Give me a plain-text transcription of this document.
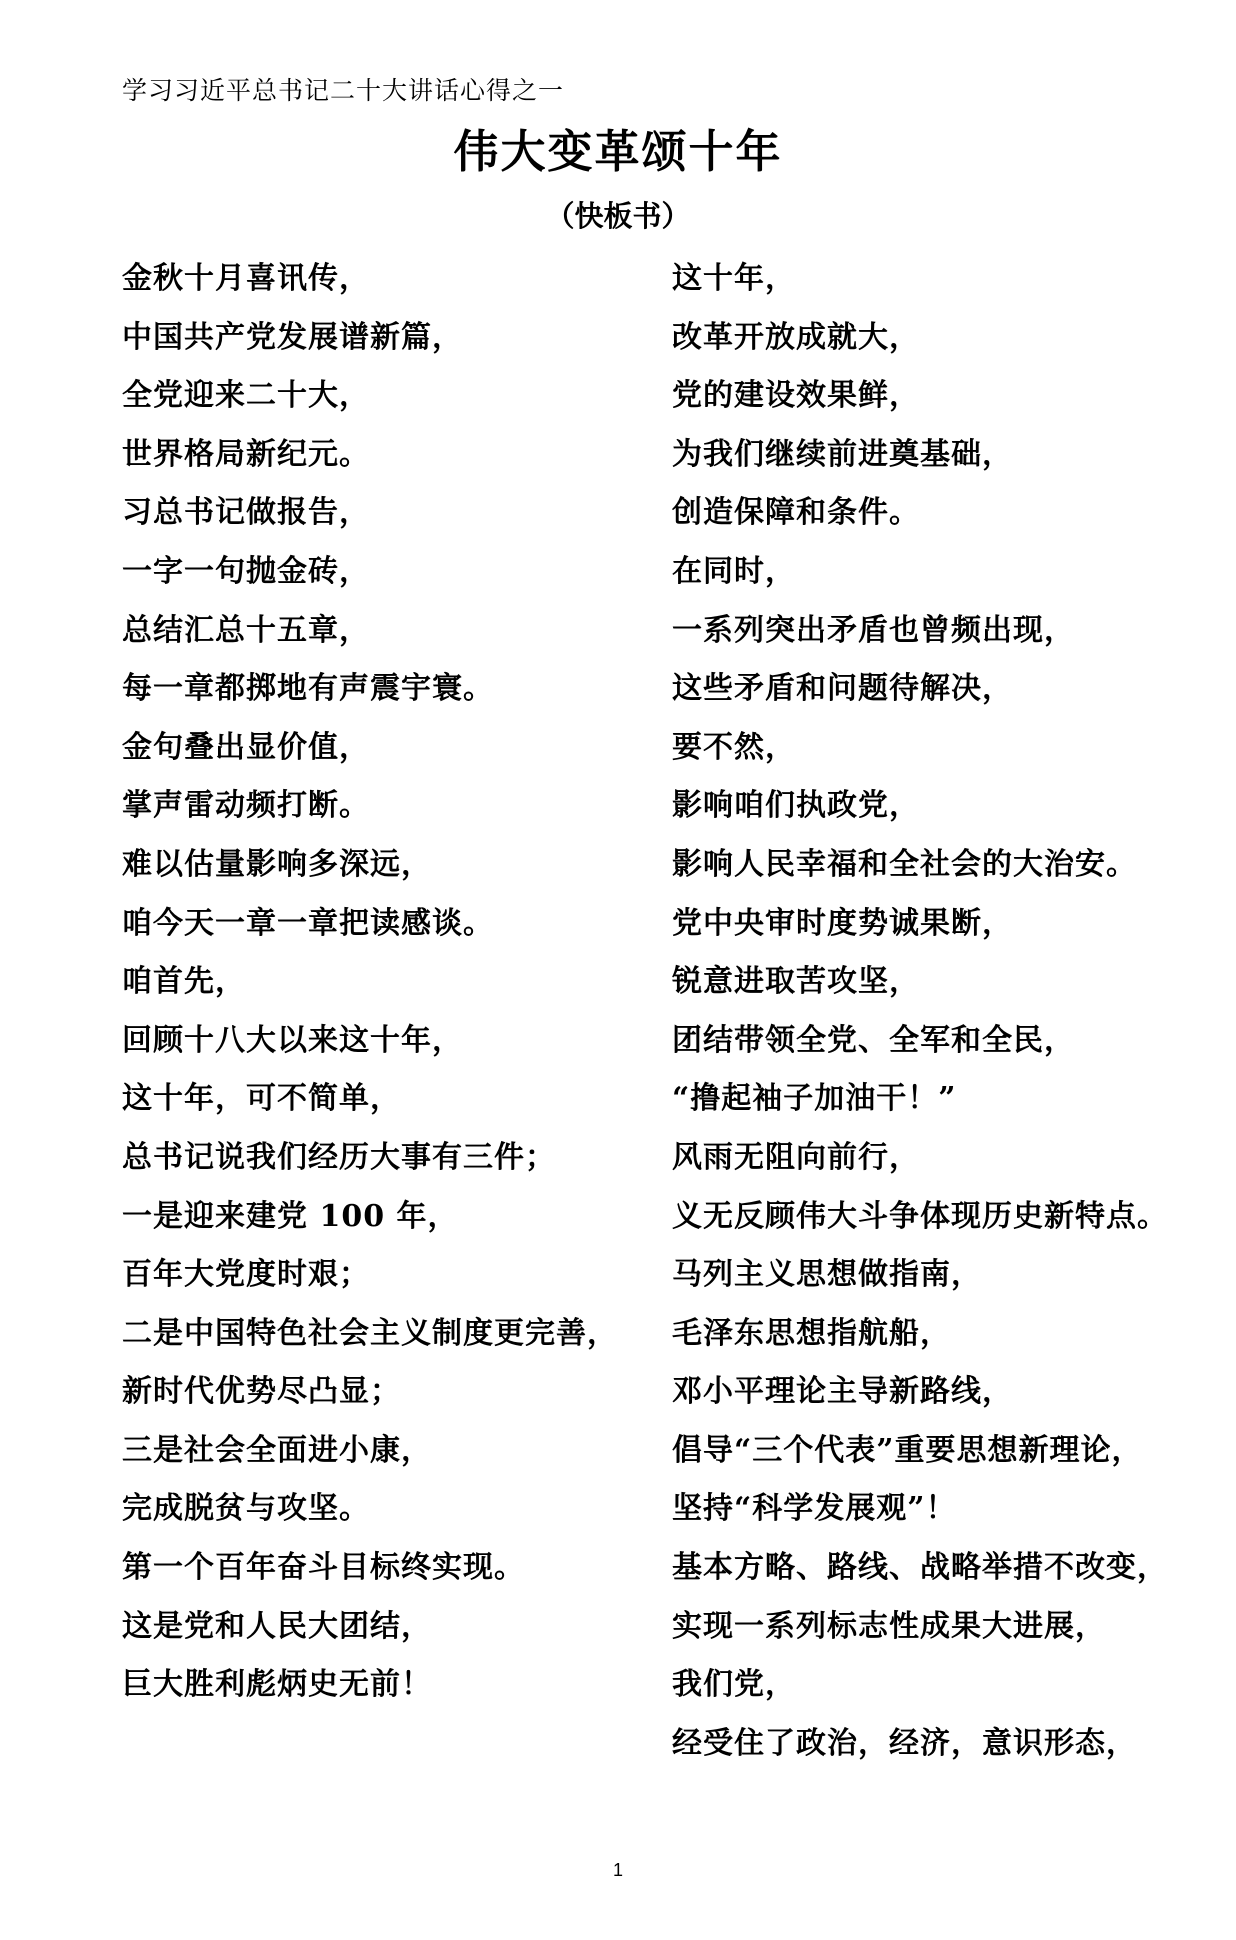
学习习近平总书记二十大讲话心得之一
伟大变革颂十年
（快板书）
金秋十月喜讯传，
中国共产党发展谱新篇，
全党迎来二十大，
世界格局新纪元。
习总书记做报告，
一字一句抛金砖，
总结汇总十五章，
每一章都掷地有声震宇寰。
金句叠出显价值，
掌声雷动频打断。
难以估量影响多深远，
咱今天一章一章把读感谈。
咱首先，
回顾十八大以来这十年，
这十年，可不简单，
总书记说我们经历大事有三件；
一是迎来建党 100 年，
百年大党度时艰；
二是中国特色社会主义制度更完善，
新时代优势尽凸显；
三是社会全面进小康，
完成脱贫与攻坚。
第一个百年奋斗目标终实现。
这是党和人民大团结，
巨大胜利彪炳史无前！
这十年，
改革开放成就大，
党的建设效果鲜，
为我们继续前进奠基础，
创造保障和条件。
在同时，
一系列突出矛盾也曾频出现，
这些矛盾和问题待解决，
要不然，
影响咱们执政党，
影响人民幸福和全社会的大治安。
党中央审时度势诚果断，
锐意进取苦攻坚，
团结带领全党、全军和全民，
“撸起袖子加油干！”
风雨无阻向前行，
义无反顾伟大斗争体现历史新特点。
马列主义思想做指南，
毛泽东思想指航船，
邓小平理论主导新路线，
倡导“三个代表”重要思想新理论，
坚持“科学发展观”！
基本方略、路线、战略举措不改变，
实现一系列标志性成果大进展，
我们党，
经受住了政治，经济，意识形态，
1
